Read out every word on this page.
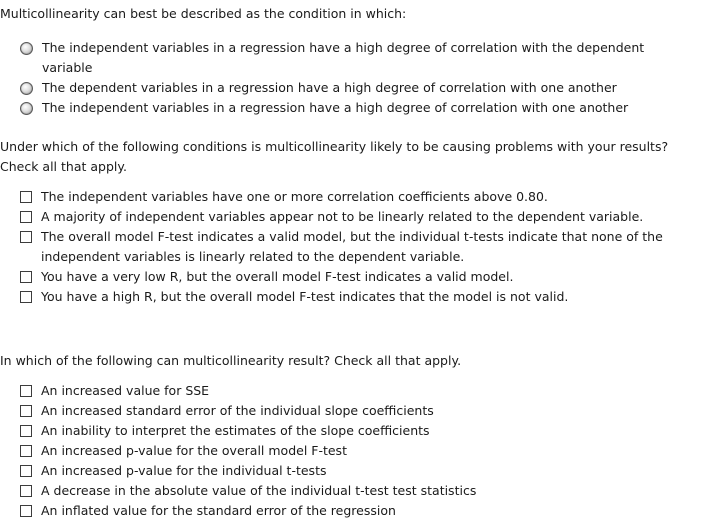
Multicollinearity can best be described as the condition in which:

The independent variables in a regression have a high degree of correlation with the dependent variable
The dependent variables in a regression have a high degree of correlation with one another
The independent variables in a regression have a high degree of correlation with one another

Under which of the following conditions is multicollinearity likely to be causing problems with your results? Check all that apply.

The independent variables have one or more correlation coefficients above 0.80.
A majority of independent variables appear not to be linearly related to the dependent variable.
The overall model F-test indicates a valid model, but the individual t-tests indicate that none of the independent variables is linearly related to the dependent variable.
You have a very low R, but the overall model F-test indicates a valid model.
You have a high R, but the overall model F-test indicates that the model is not valid.

In which of the following can multicollinearity result? Check all that apply.

An increased value for SSE
An increased standard error of the individual slope coefficients
An inability to interpret the estimates of the slope coefficients
An increased p-value for the overall model F-test
An increased p-value for the individual t-tests
A decrease in the absolute value of the individual t-test test statistics
An inflated value for the standard error of the regression
